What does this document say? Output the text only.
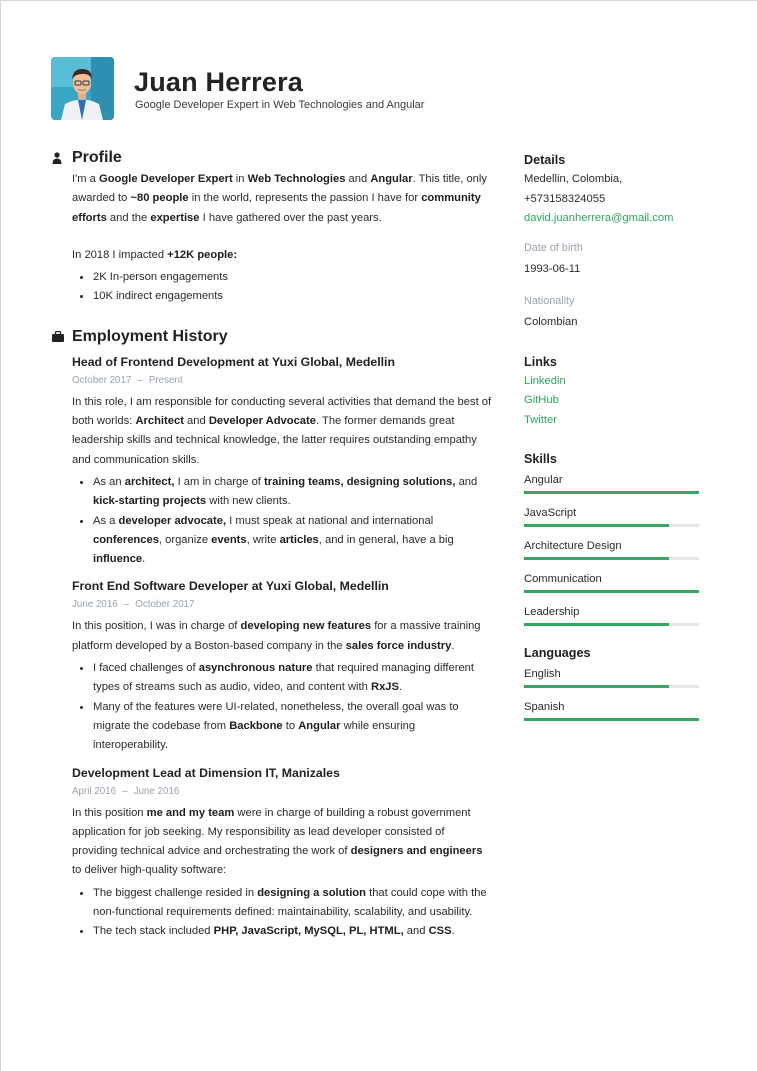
Juan Herrera
Google Developer Expert in Web Technologies and Angular
Profile

I'm a Google Developer Expert in Web Technologies and Angular. This title, only awarded to ~80 people in the world, represents the passion I have for community efforts and the expertise I have gathered over the past years.

In 2018 I impacted +12K people:

• 2K In-person engagements
• 10K indirect engagements
Employment History
Head of Frontend Development at Yuxi Global, Medellin
October 2017 – Present

In this role, I am responsible for conducting several activities that demand the best of both worlds: Architect and Developer Advocate. The former demands great leadership skills and technical knowledge, the latter requires outstanding empathy and communication skills.

• As an architect, I am in charge of training teams, designing solutions, and kick-starting projects with new clients.
• As a developer advocate, I must speak at national and international conferences, organize events, write articles, and in general, have a big influence.
Front End Software Developer at Yuxi Global, Medellin
June 2016 – October 2017

In this position, I was in charge of developing new features for a massive training platform developed by a Boston-based company in the sales force industry.

• I faced challenges of asynchronous nature that required managing different types of streams such as audio, video, and content with RxJS.
• Many of the features were UI-related, nonetheless, the overall goal was to migrate the codebase from Backbone to Angular while ensuring interoperability.
Development Lead at Dimension IT, Manizales
April 2016 – June 2016

In this position me and my team were in charge of building a robust government application for job seeking. My responsibility as lead developer consisted of providing technical advice and orchestrating the work of designers and engineers to deliver high-quality software:

• The biggest challenge resided in designing a solution that could cope with the non-functional requirements defined: maintainability, scalability, and usability.
• The tech stack included PHP, JavaScript, MySQL, PL, HTML, and CSS.
Details
Medellin, Colombia,
+573158324055
david.juanherrera@gmail.com
Date of birth
1993-06-11
Nationality
Colombian
Links
Linkedin
GitHub
Twitter
Skills
Angular
JavaScript
Architecture Design
Communication
Leadership
Languages
English
Spanish
